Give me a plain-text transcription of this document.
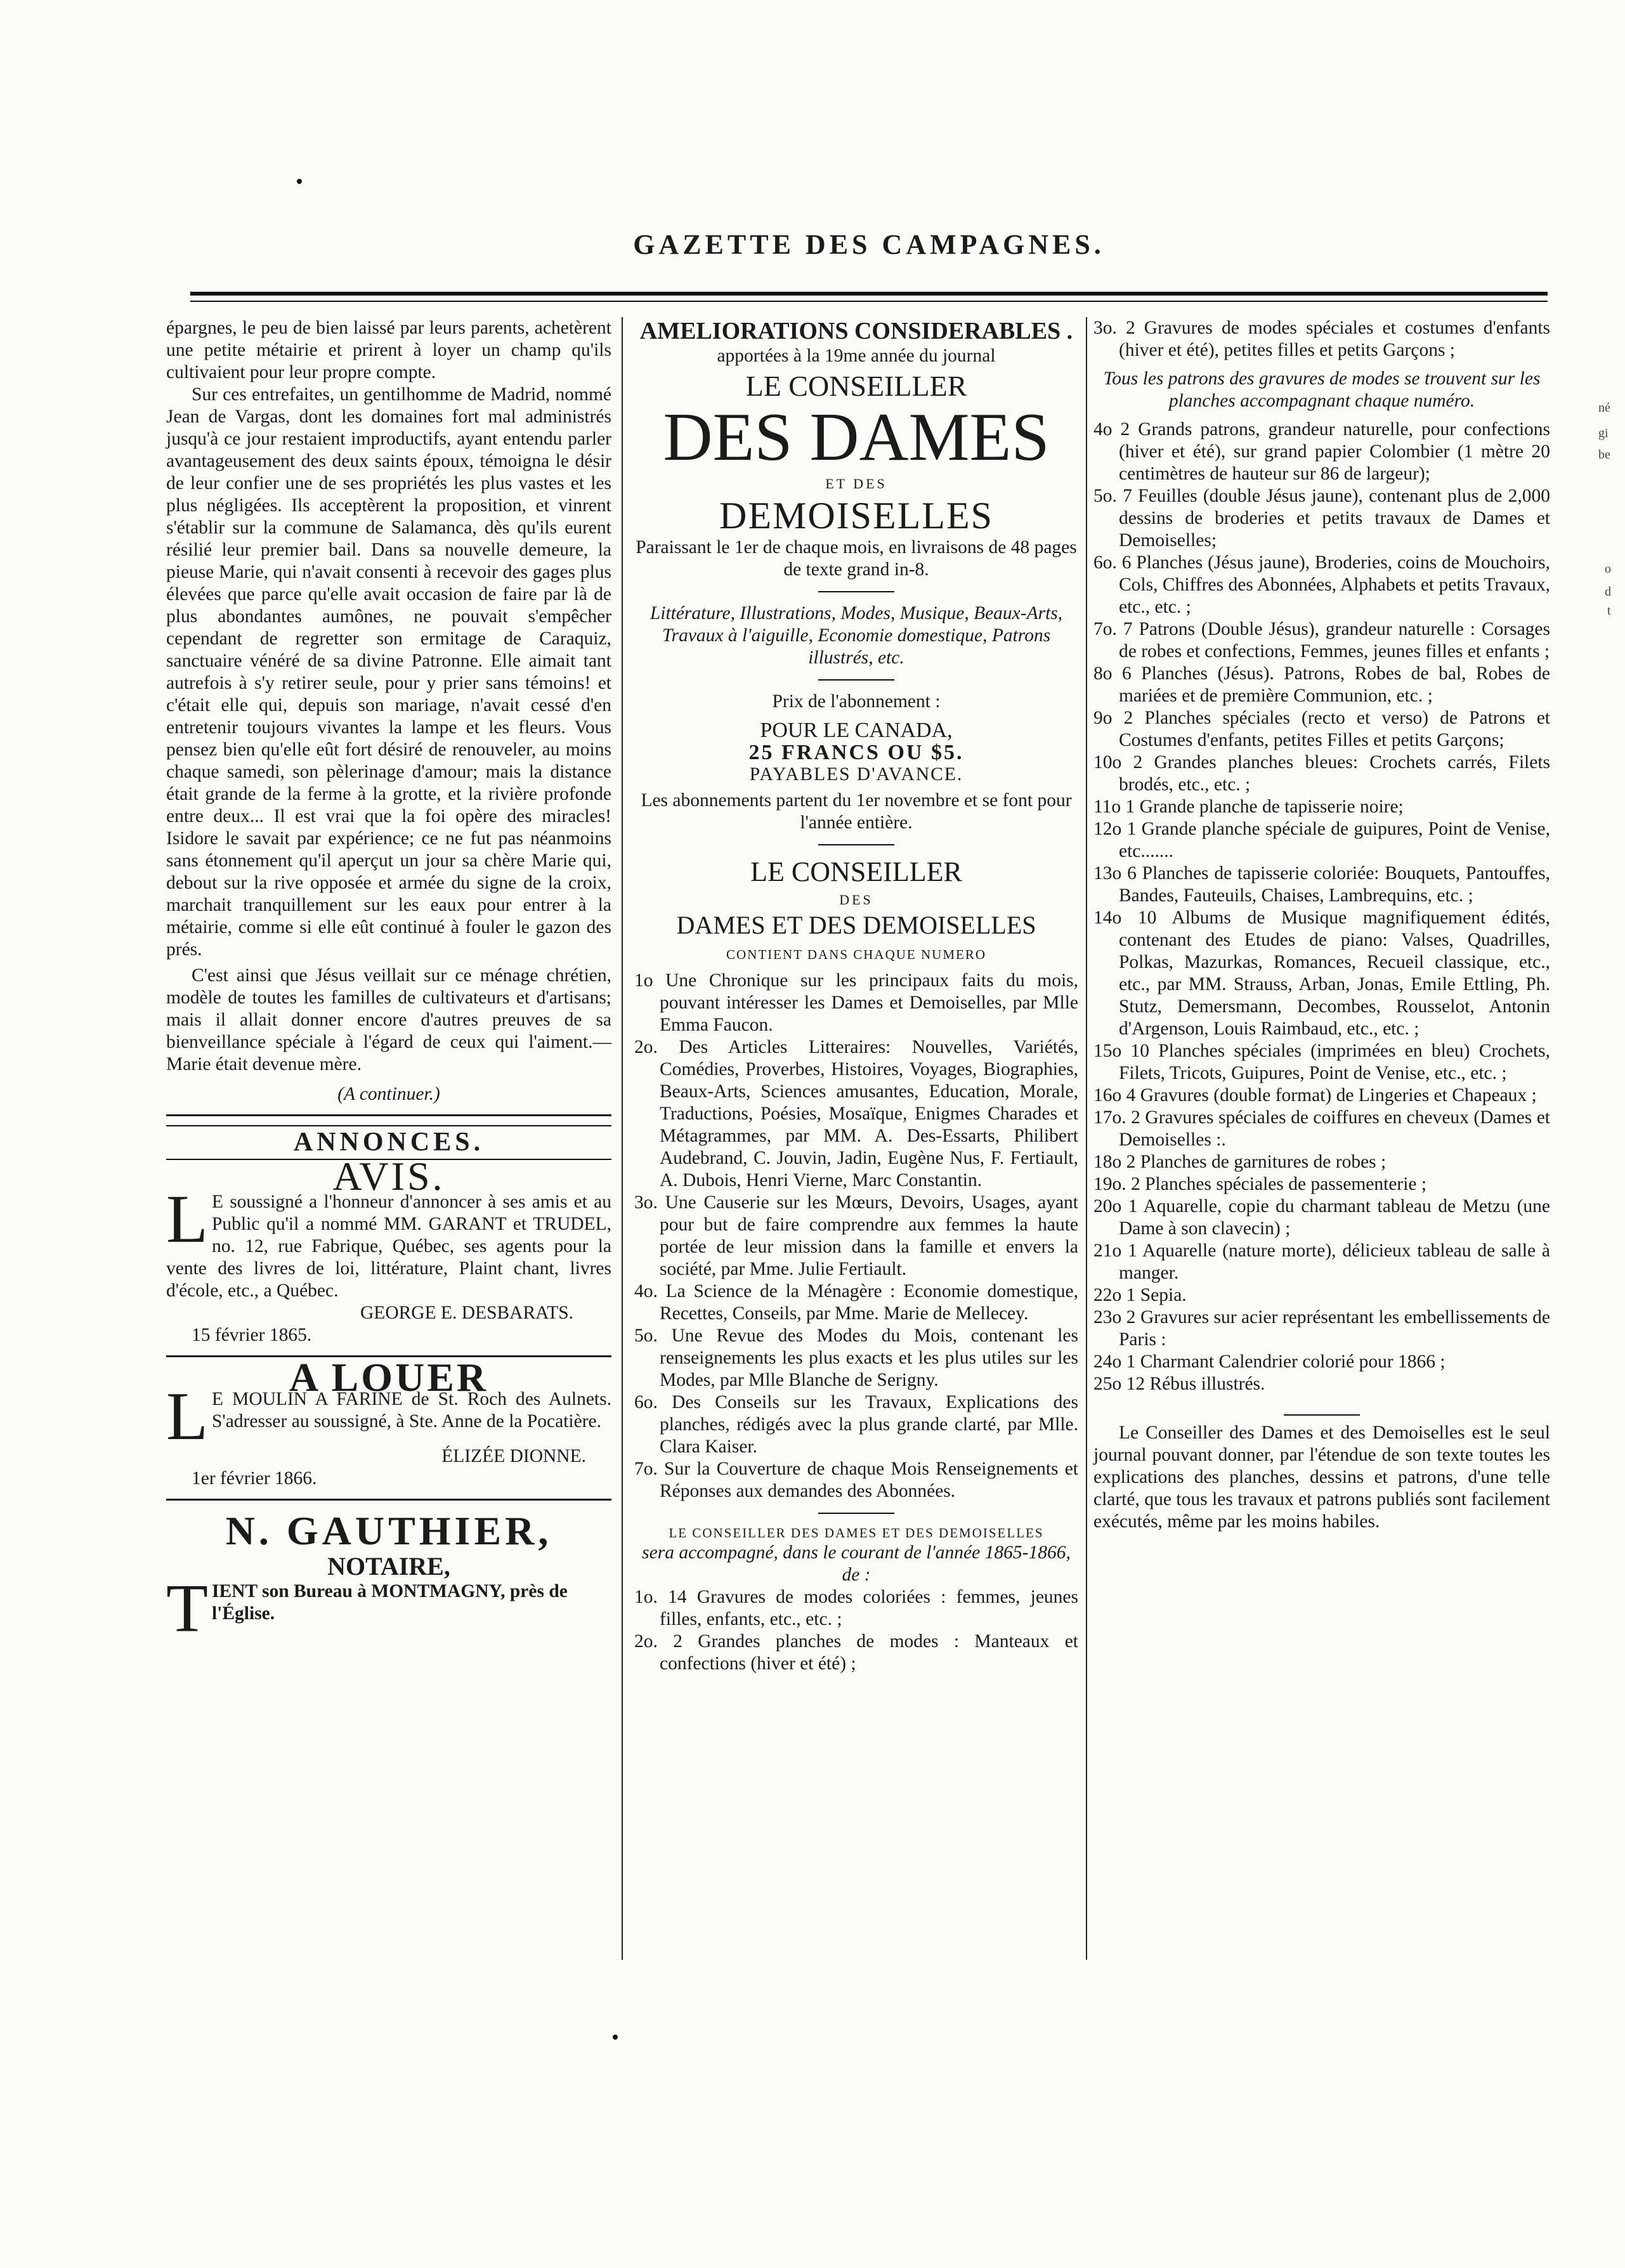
GAZETTE DES CAMPAGNES.
né
gi
be
o
d
t

épargnes, le peu de bien laissé par leurs parents, achetèrent une petite métairie et prirent à loyer un champ qu'ils cultivaient pour leur propre compte.

Sur ces entrefaites, un gentilhomme de Madrid, nommé Jean de Vargas, dont les domaines fort mal administrés jusqu'à ce jour restaient improductifs, ayant entendu parler avantageusement des deux saints époux, témoigna le désir de leur confier une de ses propriétés les plus vastes et les plus négligées. Ils acceptèrent la proposition, et vinrent s'établir sur la commune de Salamanca, dès qu'ils eurent résilié leur premier bail. Dans sa nouvelle demeure, la pieuse Marie, qui n'avait consenti à recevoir des gages plus élevées que parce qu'elle avait occasion de faire par là de plus abondantes aumônes, ne pouvait s'empêcher cependant de regretter son ermitage de Caraquiz, sanctuaire vénéré de sa divine Patronne. Elle aimait tant autrefois à s'y retirer seule, pour y prier sans témoins! et c'était elle qui, depuis son mariage, n'avait cessé d'en entretenir toujours vivantes la lampe et les fleurs. Vous pensez bien qu'elle eût fort désiré de renouveler, au moins chaque samedi, son pèlerinage d'amour; mais la distance était grande de la ferme à la grotte, et la rivière profonde entre deux... Il est vrai que la foi opère des miracles! Isidore le savait par expérience; ce ne fut pas néanmoins sans étonnement qu'il aperçut un jour sa chère Marie qui, debout sur la rive opposée et armée du signe de la croix, marchait tranquillement sur les eaux pour entrer à la métairie, comme si elle eût continué à fouler le gazon des prés.

C'est ainsi que Jésus veillait sur ce ménage chrétien, modèle de toutes les familles de cultivateurs et d'artisans; mais il allait donner encore d'autres preuves de sa bienveillance spéciale à l'égard de ceux qui l'aiment.—Marie était devenue mère.

(A continuer.)
ANNONCES.
AVIS.
L E soussigné a l'honneur d'annoncer à ses amis et au Public qu'il a nommé MM. GARANT et TRUDEL, no. 12, rue Fabrique, Québec, ses agents pour la vente des livres de loi, littérature, Plaint chant, livres d'école, etc., a Québec.
GEORGE E. DESBARATS.
15 février 1865.
A LOUER
L E MOULIN A FARINE de St. Roch des Aulnets. S'adresser au soussigné, à Ste. Anne de la Pocatière.
ÉLIZÉE DIONNE.
1er février 1866.
N. GAUTHIER,
NOTAIRE,
T IENT son Bureau à MONTMAGNY, près de l'Église.
AMELIORATIONS CONSIDERABLES .
apportées à la 19me année du journal
LE CONSEILLER
DES DAMES
ET DES
DEMOISELLES
Paraissant le 1er de chaque mois, en livraisons de 48 pages de texte grand in-8.
Littérature, Illustrations, Modes, Musique, Beaux-Arts, Travaux à l'aiguille, Economie domestique, Patrons illustrés, etc.
Prix de l'abonnement :
POUR LE CANADA,
25 FRANCS OU $5.
PAYABLES D'AVANCE.
Les abonnements partent du 1er novembre et se font pour l'année entière.
LE CONSEILLER
DES
DAMES ET DES DEMOISELLES
CONTIENT DANS CHAQUE NUMERO

1o Une Chronique sur les principaux faits du mois, pouvant intéresser les Dames et Demoiselles, par Mlle Emma Faucon.

2o. Des Articles Litteraires: Nouvelles, Variétés, Comédies, Proverbes, Histoires, Voyages, Biographies, Beaux-Arts, Sciences amusantes, Education, Morale, Traductions, Poésies, Mosaïque, Enigmes Charades et Métagrammes, par MM. A. Des-Essarts, Philibert Audebrand, C. Jouvin, Jadin, Eugène Nus, F. Fertiault, A. Dubois, Henri Vierne, Marc Constantin.

3o. Une Causerie sur les Mœurs, Devoirs, Usages, ayant pour but de faire comprendre aux femmes la haute portée de leur mission dans la famille et envers la société, par Mme. Julie Fertiault.

4o. La Science de la Ménagère : Economie domestique, Recettes, Conseils, par Mme. Marie de Mellecey.

5o. Une Revue des Modes du Mois, contenant les renseignements les plus exacts et les plus utiles sur les Modes, par Mlle Blanche de Serigny.

6o. Des Conseils sur les Travaux, Explications des planches, rédigés avec la plus grande clarté, par Mlle. Clara Kaiser.

7o. Sur la Couverture de chaque Mois Renseignements et Réponses aux demandes des Abonnées.

LE CONSEILLER DES DAMES ET DES DEMOISELLES
sera accompagné, dans le courant de l'année 1865-1866, de :

1o. 14 Gravures de modes coloriées : femmes, jeunes filles, enfants, etc., etc. ;

2o. 2 Grandes planches de modes : Manteaux et confections (hiver et été) ;

3o. 2 Gravures de modes spéciales et costumes d'enfants (hiver et été), petites filles et petits Garçons ;

Tous les patrons des gravures de modes se trouvent sur les planches accompagnant chaque numéro.

4o 2 Grands patrons, grandeur naturelle, pour confections (hiver et été), sur grand papier Colombier (1 mètre 20 centimètres de hauteur sur 86 de largeur);

5o. 7 Feuilles (double Jésus jaune), contenant plus de 2,000 dessins de broderies et petits travaux de Dames et Demoiselles;

6o. 6 Planches (Jésus jaune), Broderies, coins de Mouchoirs, Cols, Chiffres des Abonnées, Alphabets et petits Travaux, etc., etc. ;

7o. 7 Patrons (Double Jésus), grandeur naturelle : Corsages de robes et confections, Femmes, jeunes filles et enfants ;

8o 6 Planches (Jésus). Patrons, Robes de bal, Robes de mariées et de première Communion, etc. ;

9o 2 Planches spéciales (recto et verso) de Patrons et Costumes d'enfants, petites Filles et petits Garçons;

10o 2 Grandes planches bleues: Crochets carrés, Filets brodés, etc., etc. ;

11o 1 Grande planche de tapisserie noire;

12o 1 Grande planche spéciale de guipures, Point de Venise, etc.......

13o 6 Planches de tapisserie coloriée: Bouquets, Pantouffes, Bandes, Fauteuils, Chaises, Lambrequins, etc. ;

14o 10 Albums de Musique magnifiquement édités, contenant des Etudes de piano: Valses, Quadrilles, Polkas, Mazurkas, Romances, Recueil classique, etc., etc., par MM. Strauss, Arban, Jonas, Emile Ettling, Ph. Stutz, Demersmann, Decombes, Rousselot, Antonin d'Argenson, Louis Raimbaud, etc., etc. ;

15o 10 Planches spéciales (imprimées en bleu) Crochets, Filets, Tricots, Guipures, Point de Venise, etc., etc. ;

16o 4 Gravures (double format) de Lingeries et Chapeaux ;

17o. 2 Gravures spéciales de coiffures en cheveux (Dames et Demoiselles :.

18o 2 Planches de garnitures de robes ;

19o. 2 Planches spéciales de passementerie ;

20o 1 Aquarelle, copie du charmant tableau de Metzu (une Dame à son clavecin) ;

21o 1 Aquarelle (nature morte), délicieux tableau de salle à manger.

22o 1 Sepia.

23o 2 Gravures sur acier représentant les embellissements de Paris :

24o 1 Charmant Calendrier colorié pour 1866 ;

25o 12 Rébus illustrés.

Le Conseiller des Dames et des Demoiselles est le seul journal pouvant donner, par l'étendue de son texte toutes les explications des planches, dessins et patrons, d'une telle clarté, que tous les travaux et patrons publiés sont facilement exécutés, même par les moins habiles.
